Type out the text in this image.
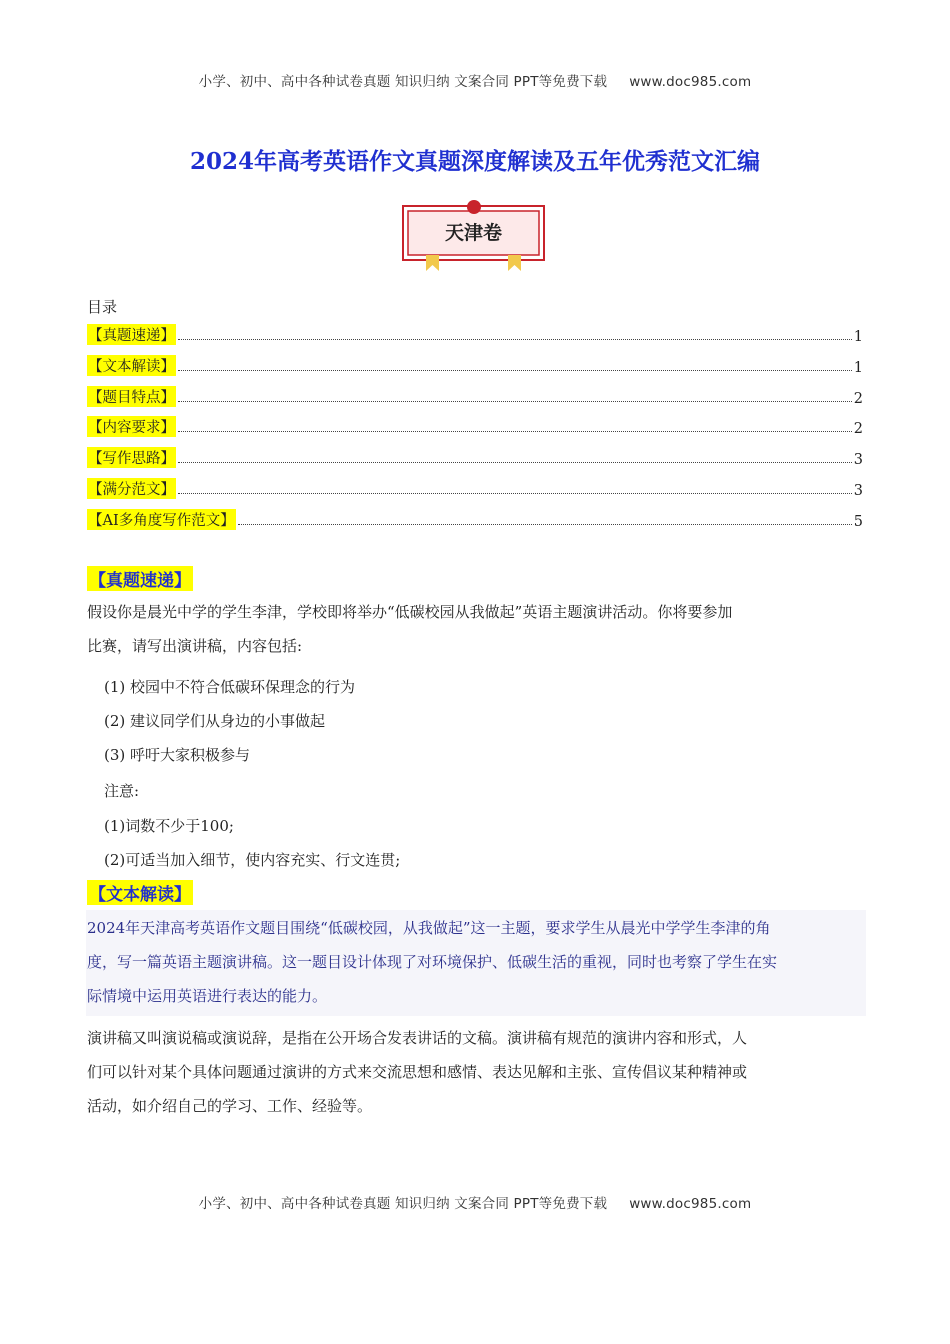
小学、初中、高中各种试卷真题 知识归纳 文案合同 PPT等免费下载 www.doc985.com
2024年高考英语作文真题深度解读及五年优秀范文汇编
天津卷
目录
【真题速递】	1
【文本解读】	1
【题目特点】	2
【内容要求】	2
【写作思路】	3
【满分范文】	3
【AI多角度写作范文】	5
【真题速递】
假设你是晨光中学的学生李津，学校即将举办“低碳校园从我做起”英语主题演讲活动。你将要参加
比赛，请写出演讲稿，内容包括:
(1) 校园中不符合低碳环保理念的行为
(2) 建议同学们从身边的小事做起
(3) 呼吁大家积极参与
注意:
(1)词数不少于100;
(2)可适当加入细节，使内容充实、行文连贯;
【文本解读】
2024年天津高考英语作文题目围绕“低碳校园，从我做起”这一主题，要求学生从晨光中学学生李津的角
度，写一篇英语主题演讲稿。这一题目设计体现了对环境保护、低碳生活的重视，同时也考察了学生在实
际情境中运用英语进行表达的能力。
演讲稿又叫演说稿或演说辞，是指在公开场合发表讲话的文稿。演讲稿有规范的演讲内容和形式，人
们可以针对某个具体问题通过演讲的方式来交流思想和感情、表达见解和主张、宣传倡议某种精神或
活动，如介绍自己的学习、工作、经验等。
小学、初中、高中各种试卷真题 知识归纳 文案合同 PPT等免费下载 www.doc985.com
